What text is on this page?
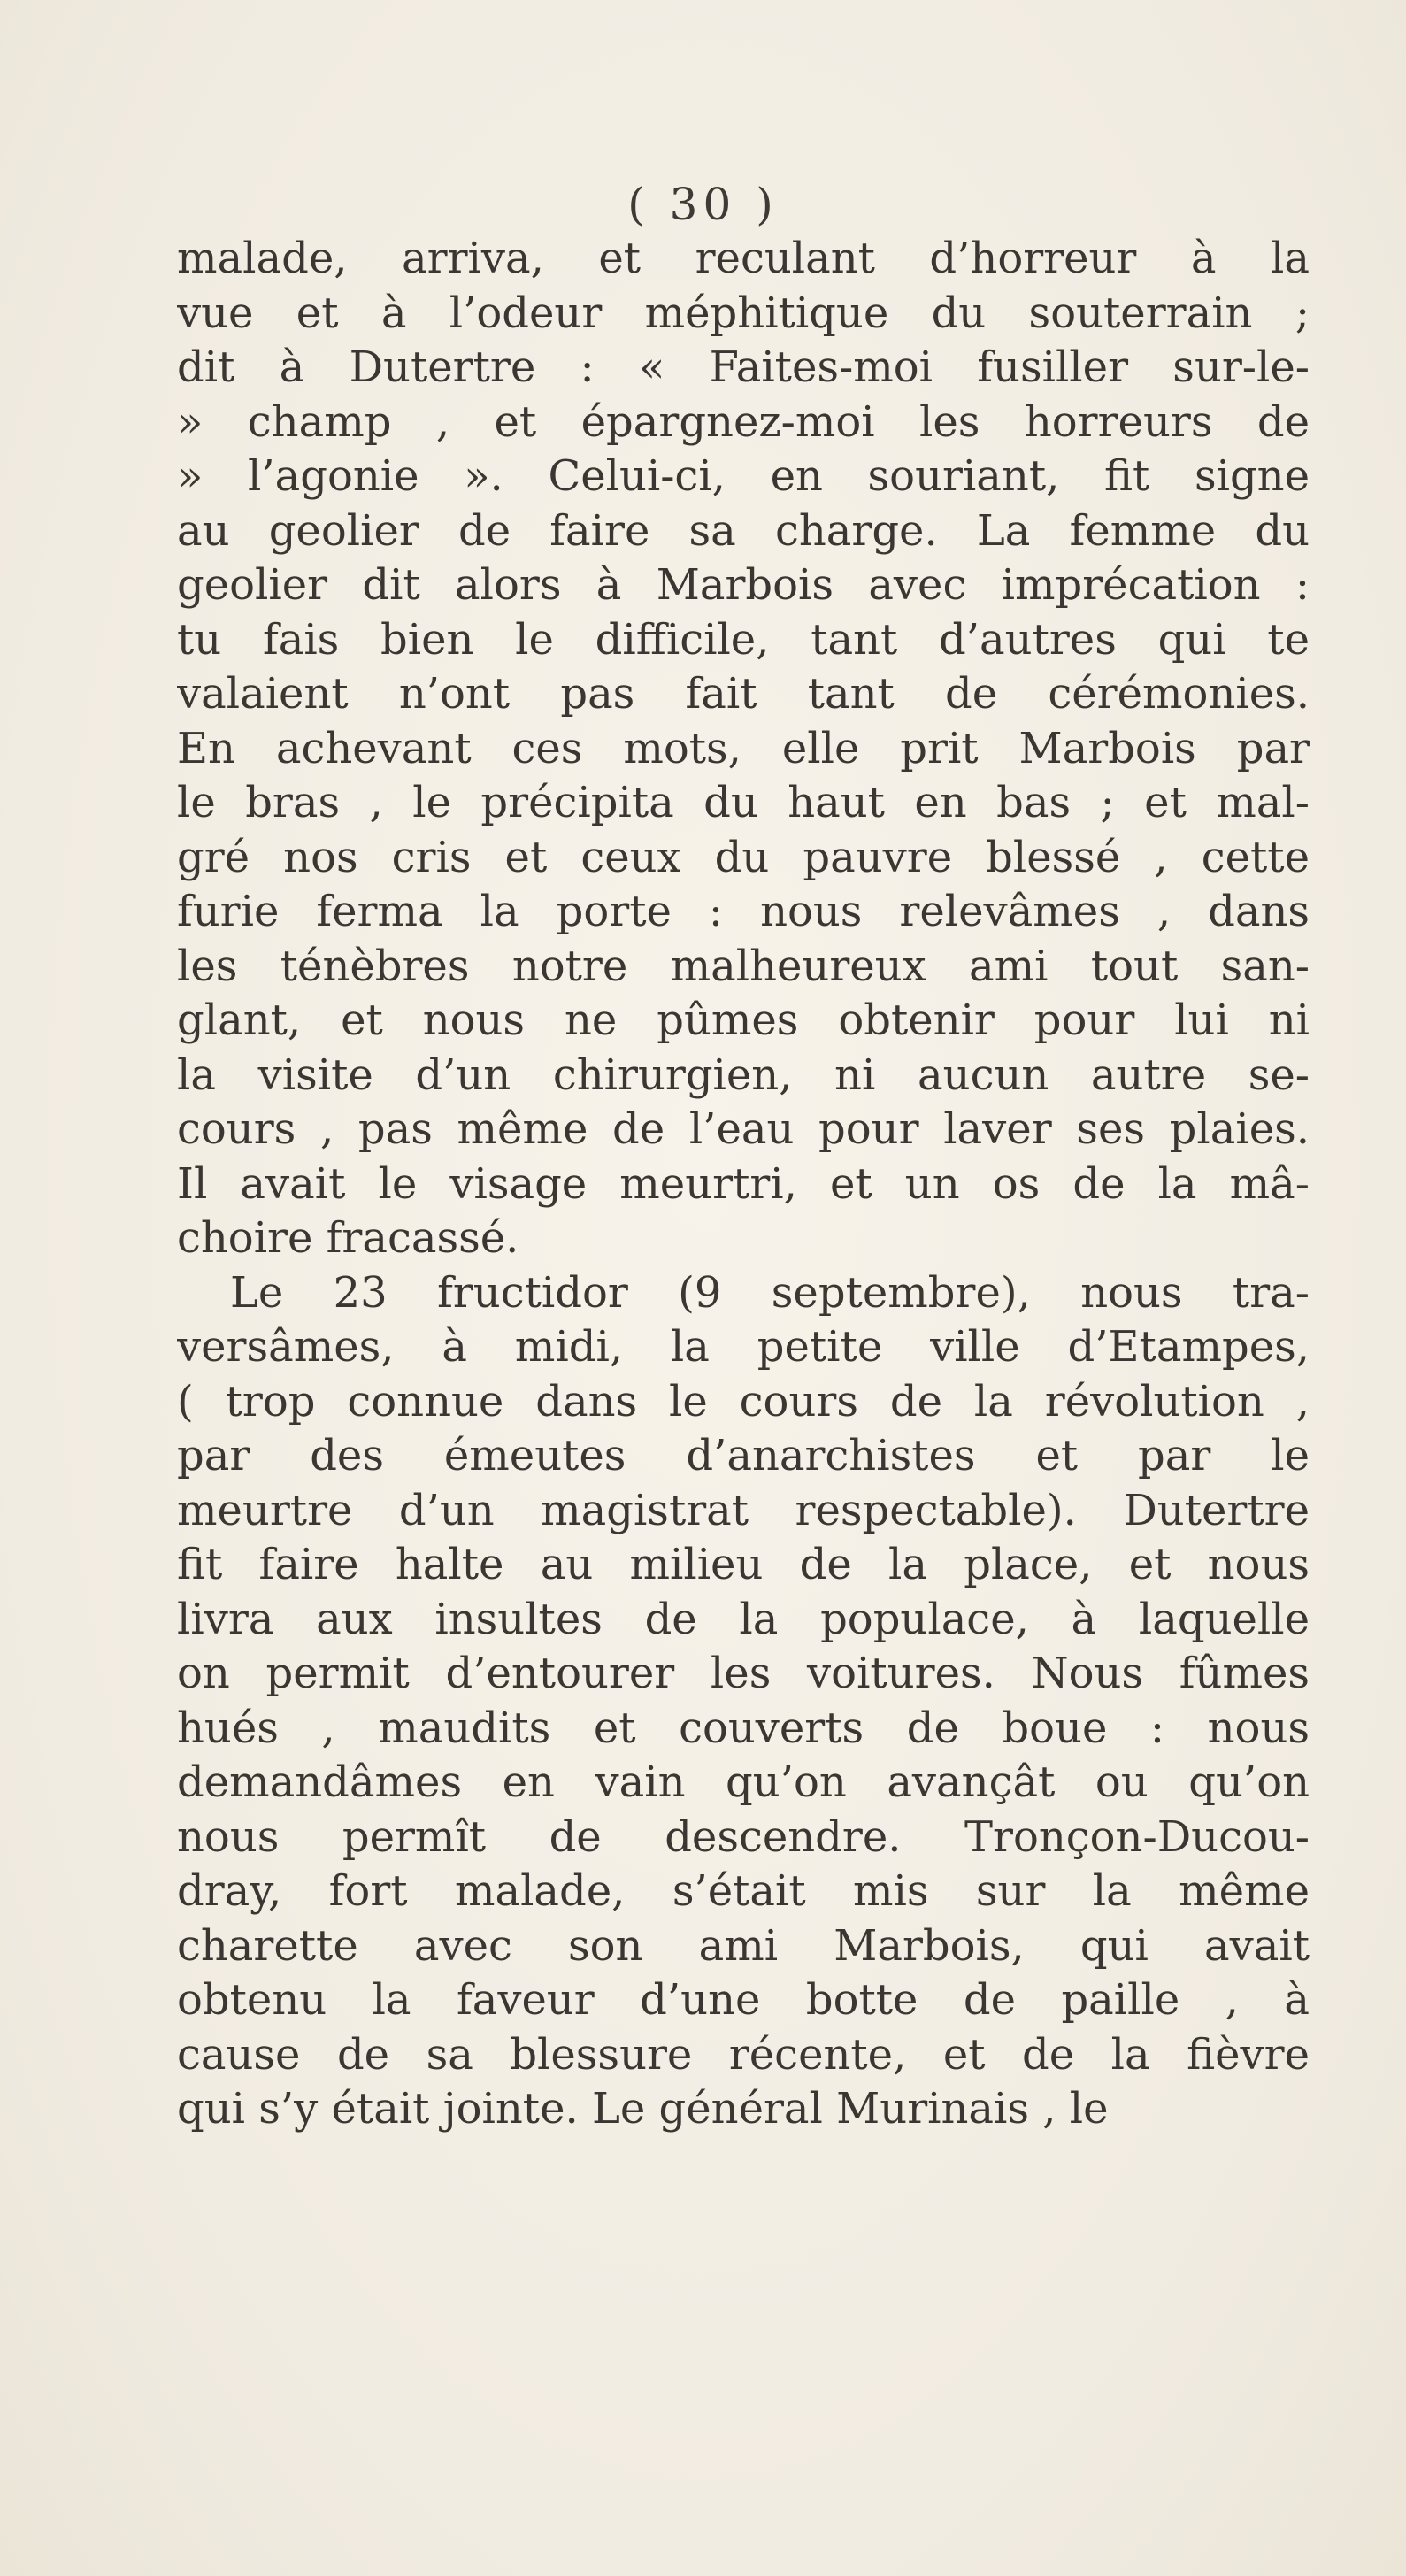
( 30 )
malade, arriva, et reculant d’horreur à la
vue et à l’odeur méphitique du souterrain ;
dit à Dutertre : « Faites-moi fusiller sur-le-
» champ , et épargnez-moi les horreurs de
» l’agonie ». Celui-ci, en souriant, fit signe
au geolier de faire sa charge. La femme du
geolier dit alors à Marbois avec imprécation :
tu fais bien le difficile, tant d’autres qui te
valaient n’ont pas fait tant de cérémonies.
En achevant ces mots, elle prit Marbois par
le bras , le précipita du haut en bas ; et mal-
gré nos cris et ceux du pauvre blessé , cette
furie ferma la porte : nous relevâmes , dans
les ténèbres notre malheureux ami tout san-
glant, et nous ne pûmes obtenir pour lui ni
la visite d’un chirurgien, ni aucun autre se-
cours , pas même de l’eau pour laver ses plaies.
Il avait le visage meurtri, et un os de la mâ-
choire fracassé.
Le 23 fructidor (9 septembre), nous tra-
versâmes, à midi, la petite ville d’Etampes,
( trop connue dans le cours de la révolution ,
par des émeutes d’anarchistes et par le
meurtre d’un magistrat respectable). Dutertre
fit faire halte au milieu de la place, et nous
livra aux insultes de la populace, à laquelle
on permit d’entourer les voitures. Nous fûmes
hués , maudits et couverts de boue : nous
demandâmes en vain qu’on avançât ou qu’on
nous permît de descendre. Tronçon-Ducou-
dray, fort malade, s’était mis sur la même
charette avec son ami Marbois, qui avait
obtenu la faveur d’une botte de paille , à
cause de sa blessure récente, et de la fièvre
qui s’y était jointe. Le général Murinais , le
